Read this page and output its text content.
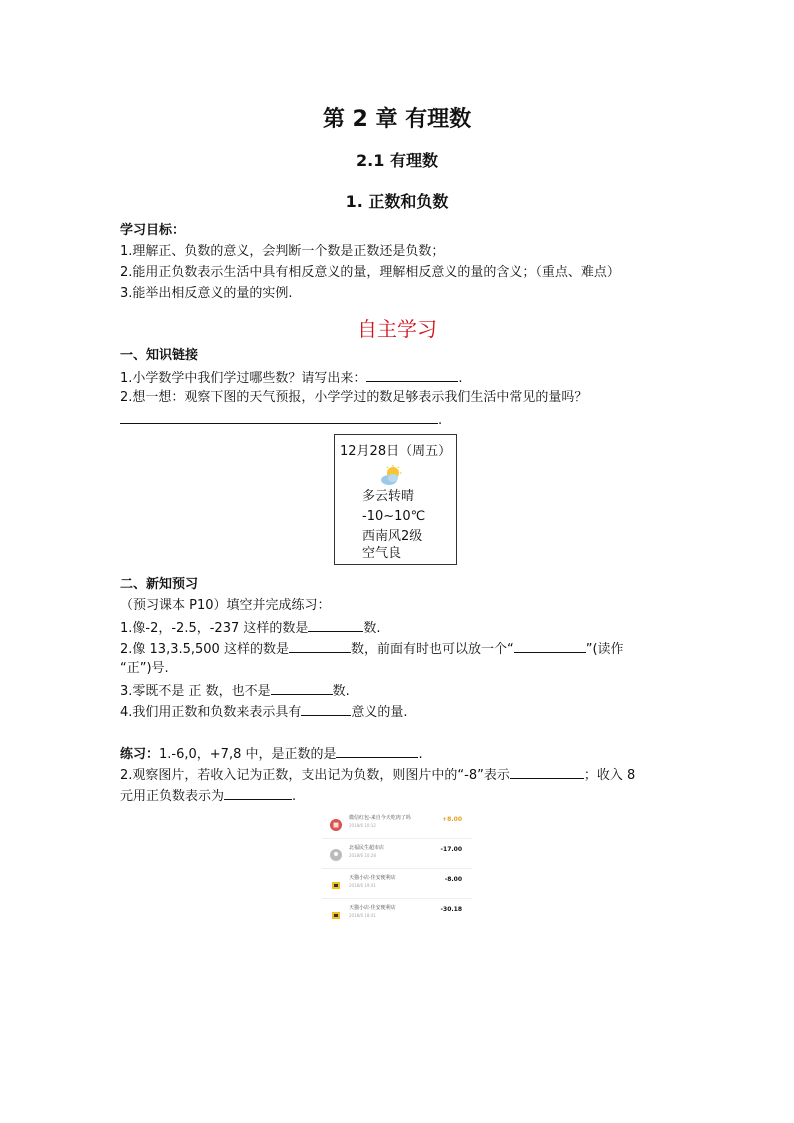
第 2 章 有理数
2.1 有理数
1. 正数和负数
学习目标：
1.理解正、负数的意义，会判断一个数是正数还是负数；
2.能用正负数表示生活中具有相反意义的量，理解相反意义的量的含义；（重点、难点）
3.能举出相反意义的量的实例.
自主学习
一、知识链接
1.小学数学中我们学过哪些数？请写出来：	.
2.想一想：观察下图的天气预报，小学学过的数足够表示我们生活中常见的量吗？
.
12月28日（周五）
多云转晴
-10~10℃
西南风2级
空气良
二、新知预习
（预习课本 P10）填空并完成练习：
1.像-2，-2.5，-237 这样的数是	数.
2.像 13,3.5,500 这样的数是	数，前面有时也可以放一个“	”(读作
“正”)号.
3.零既不是 正 数，也不是	数.
4.我们用正数和负数来表示具有	意义的量.
练习：1.-6,0，+7,8 中，是正数的是	.
2.观察图片，若收入记为正数，支出记为负数，则图片中的“-8”表示	；收入 8
元用正负数表示为	.
微信红包-来自今天吃肉了吗
2018/6 10:12
+8.00
北福民生超市店
2018/6 10:28
-17.00
天猫小店·佳安便利店
2018/6 19:41
-8.00
天猫小店·佳安便利店
2018/6 18:41
-30.18
